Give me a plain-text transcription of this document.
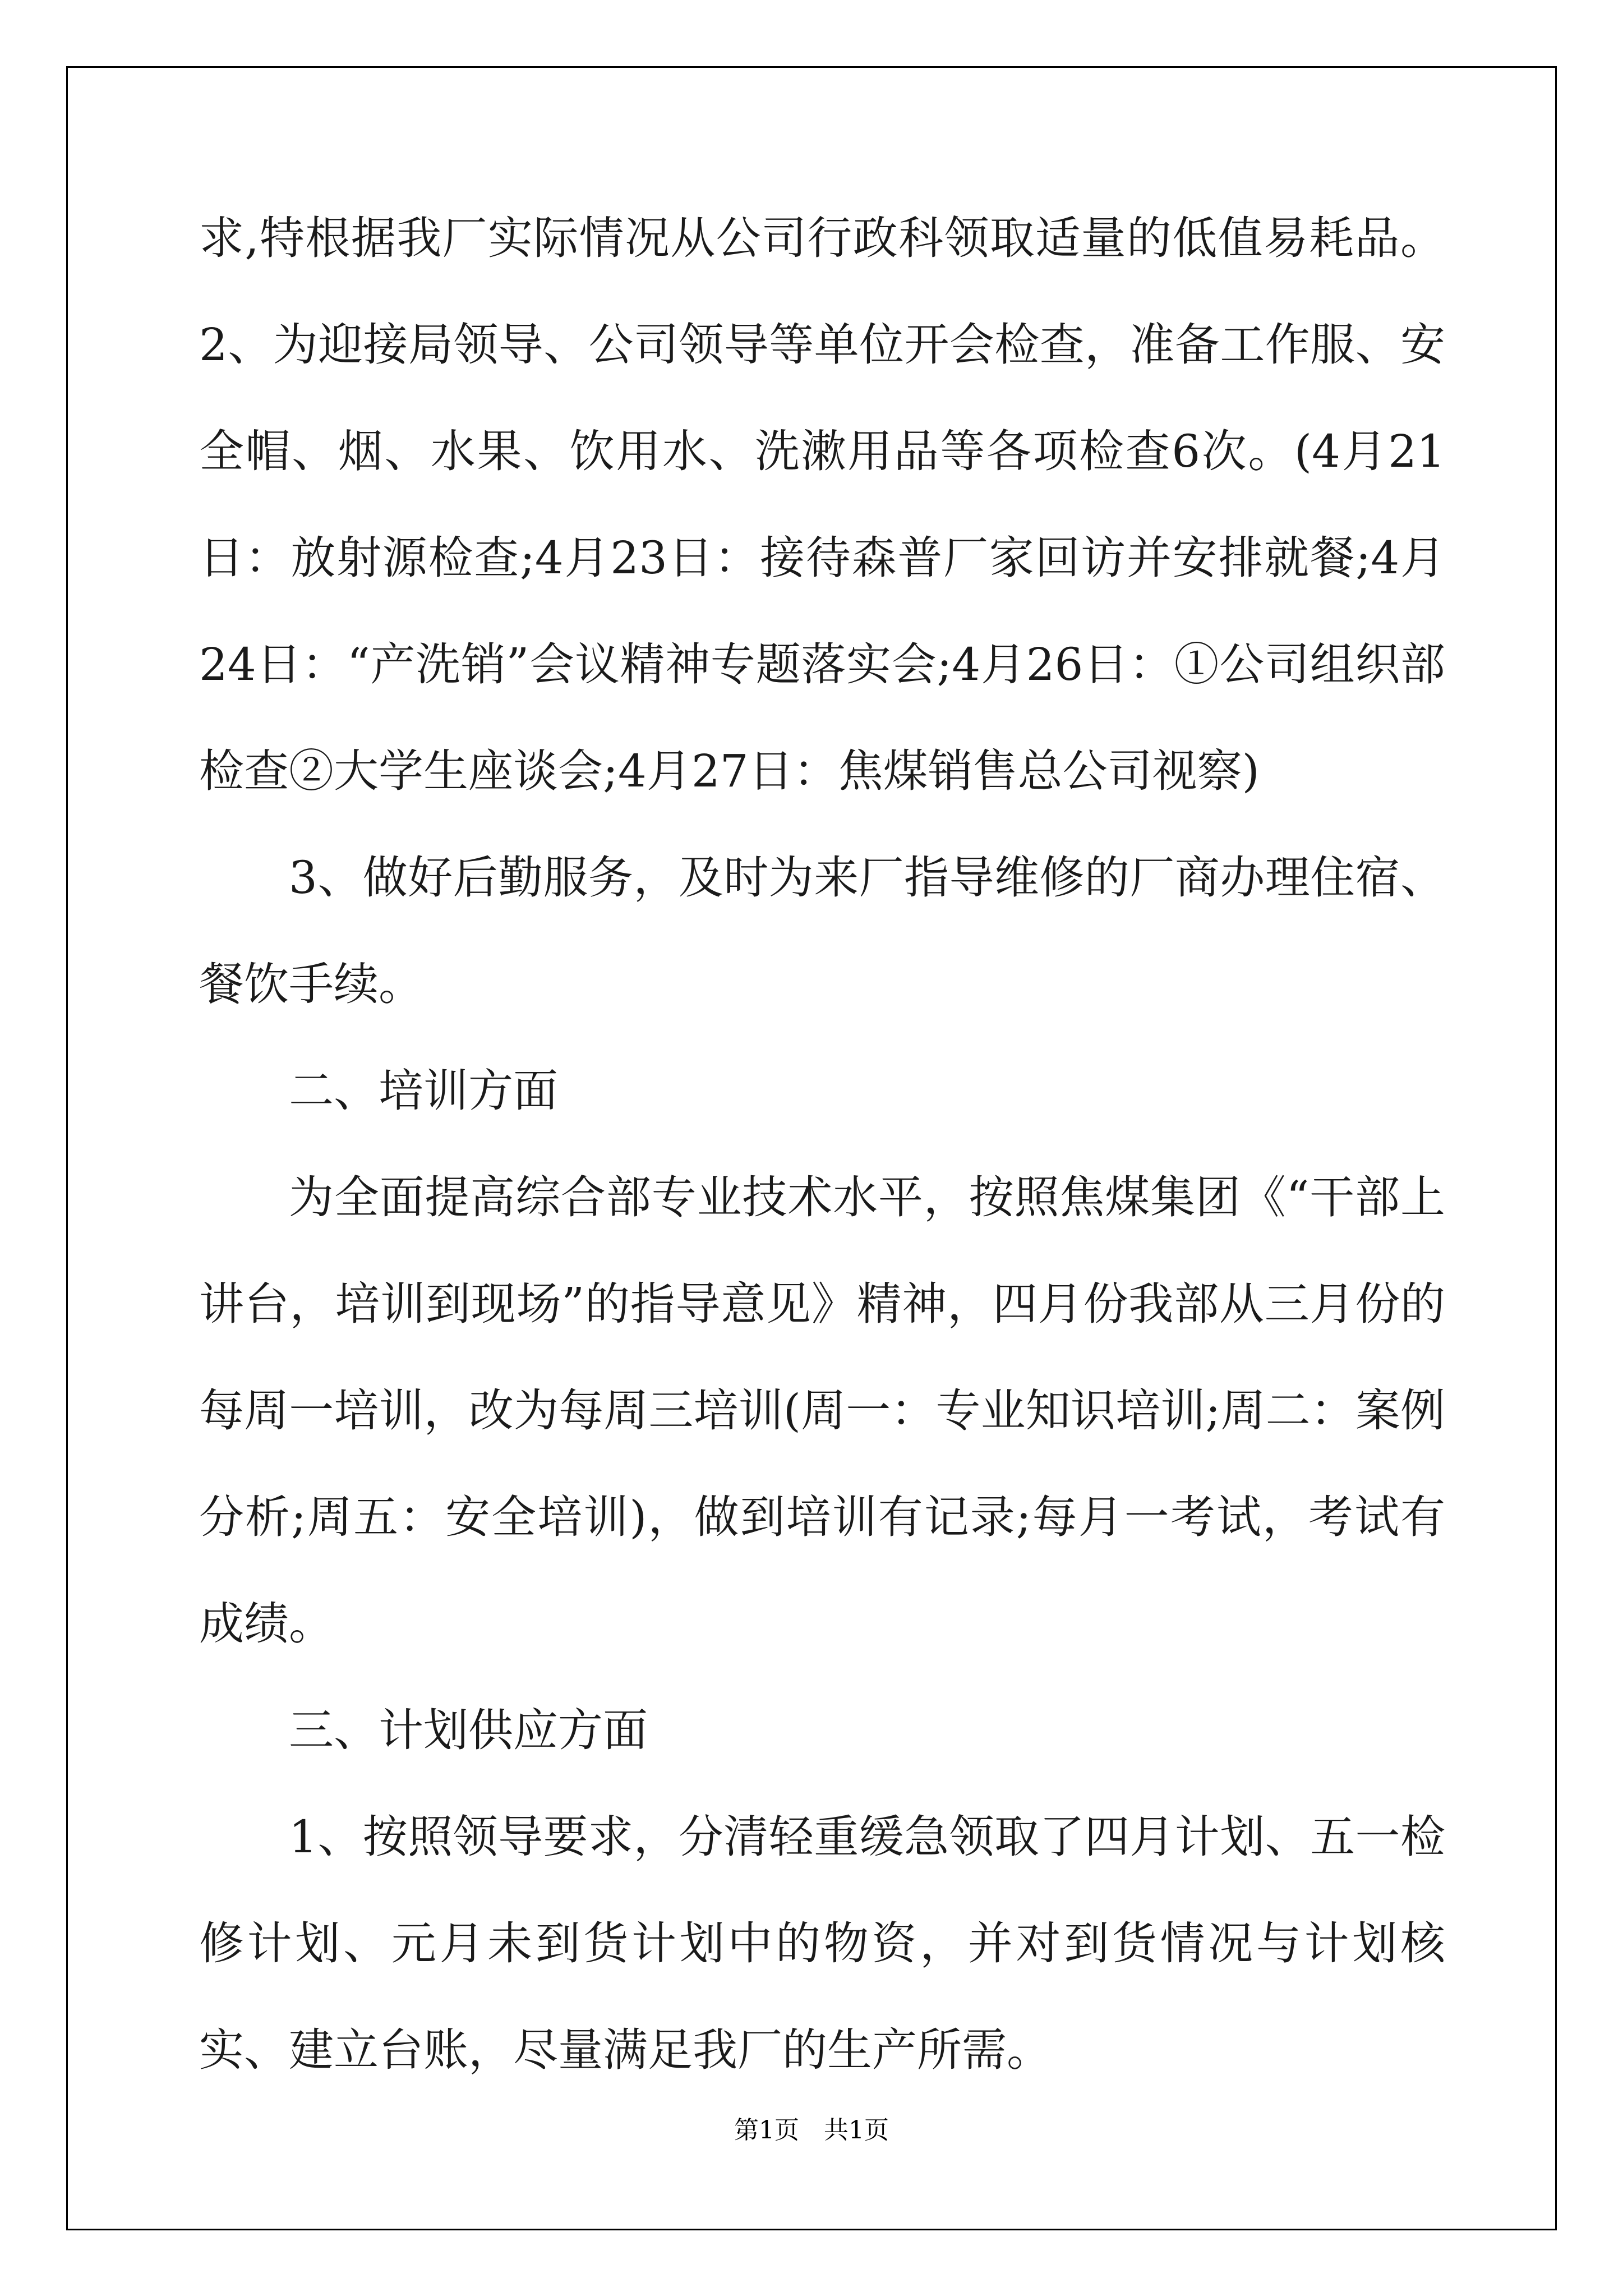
求,特根据我厂实际情况从公司行政科领取适量的低值易耗品。 2、为迎接局领导、公司领导等单位开会检查，准备工作服、安全帽、烟、水果、饮用水、洗漱用品等各项检查6次。(4月21日：放射源检查;4月23日：接待森普厂家回访并安排就餐;4月24日：“产洗销”会议精神专题落实会;4月26日：①公司组织部检查②大学生座谈会;4月27日：焦煤销售总公司视察)

3、做好后勤服务，及时为来厂指导维修的厂商办理住宿、餐饮手续。

二、培训方面

为全面提高综合部专业技术水平，按照焦煤集团《“干部上讲台，培训到现场”的指导意见》精神，四月份我部从三月份的每周一培训，改为每周三培训(周一：专业知识培训;周二：案例分析;周五：安全培训)，做到培训有记录;每月一考试，考试有成绩。

三、计划供应方面

1、按照领导要求，分清轻重缓急领取了四月计划、五一检修计划、元月未到货计划中的物资，并对到货情况与计划核实、建立台账，尽量满足我厂的生产所需。

第1页　共1页
